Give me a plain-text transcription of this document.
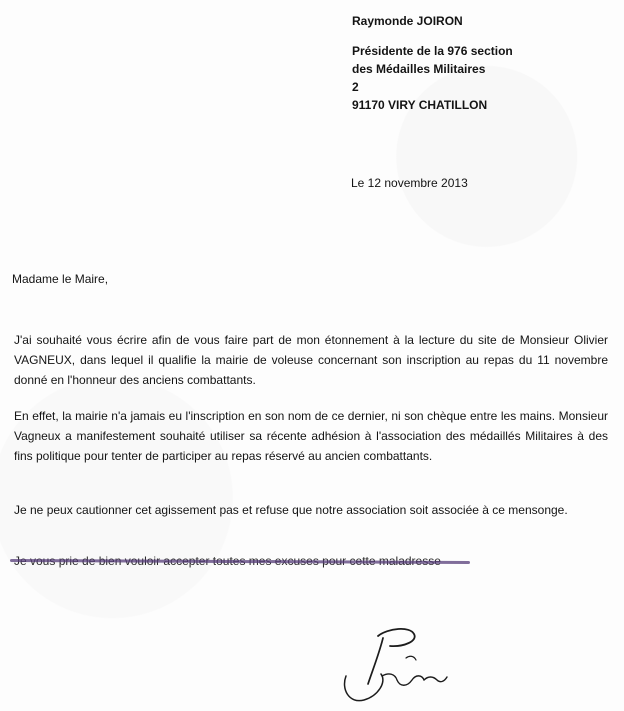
Raymonde JOIRON
Présidente de la 976 section
des Médailles Militaires
2
91170 VIRY CHATILLON
Le 12 novembre 2013
Madame le Maire,
J'ai souhaité vous écrire afin de vous faire part de mon étonnement à la lecture du site de Monsieur Olivier VAGNEUX, dans lequel il qualifie la mairie de voleuse concernant son inscription au repas du 11 novembre donné en l'honneur des anciens combattants.
En effet, la mairie n'a jamais eu l'inscription en son nom de ce dernier, ni son chèque entre les mains. Monsieur Vagneux a manifestement souhaité utiliser sa récente adhésion à l'association des médaillés Militaires à des fins politique pour tenter de participer au repas réservé au ancien combattants.
Je ne peux cautionner cet agissement pas et refuse que notre association soit associée à ce mensonge.
